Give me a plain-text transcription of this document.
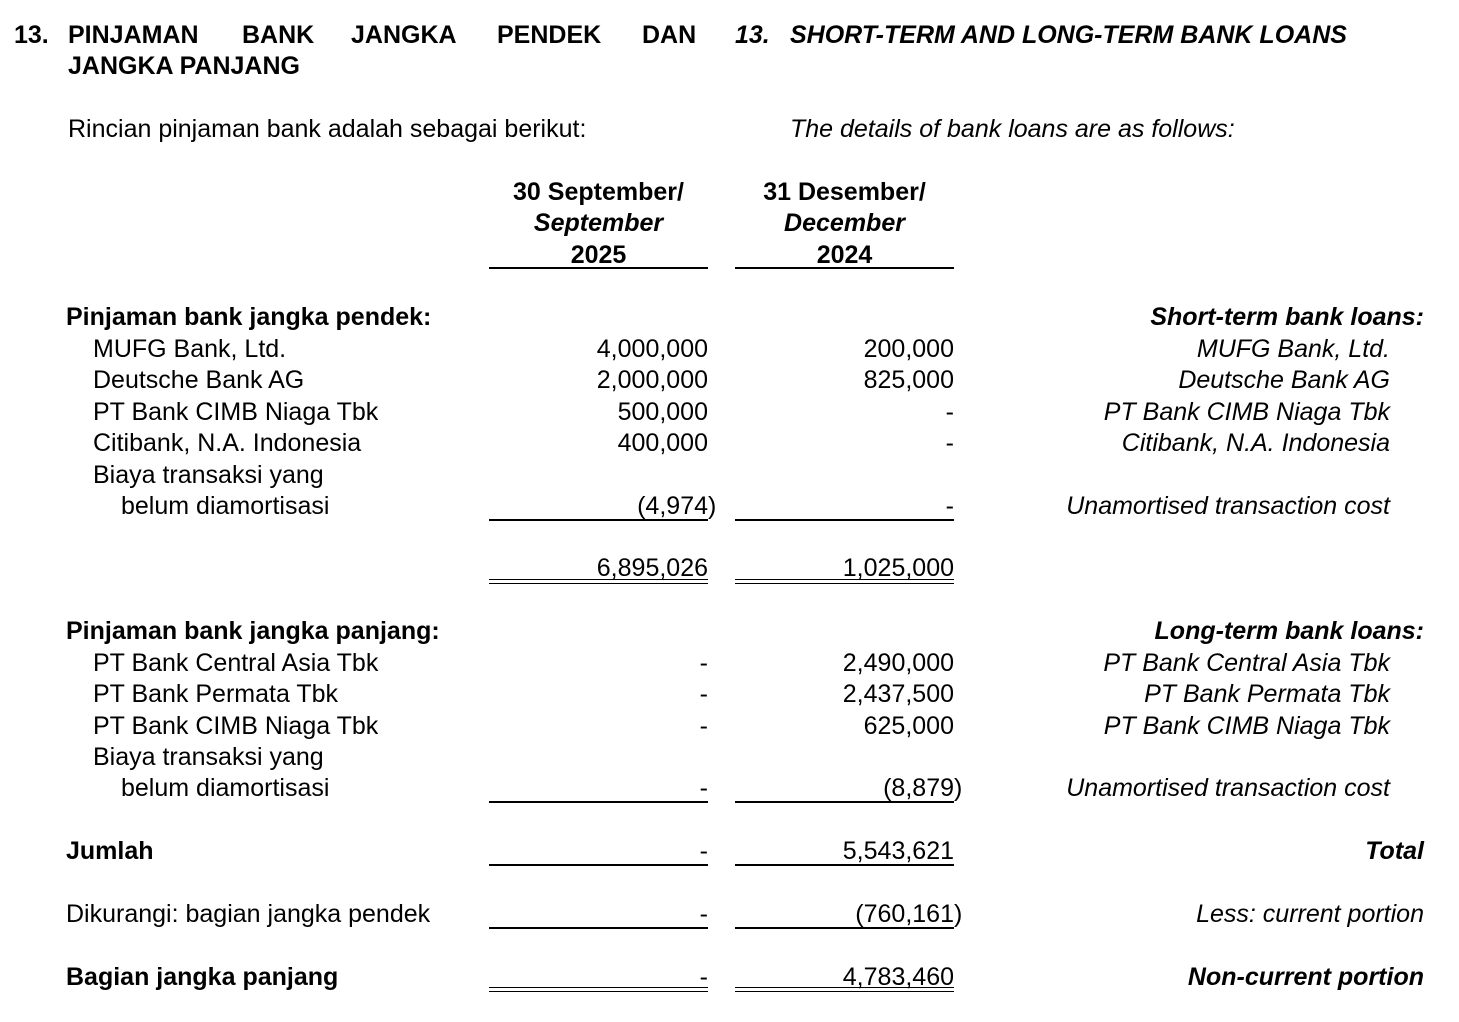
13. PINJAMAN BANK JANGKA PENDEK DAN
JANGKA PANJANG
13. SHORT-TERM AND LONG-TERM BANK LOANS
Rincian pinjaman bank adalah sebagai berikut:	The details of bank loans are as follows:
30 September/
September
2025
31 Desember/
December
2024
Pinjaman bank jangka pendek:	Short-term bank loans:
MUFG Bank, Ltd.	4,000,000	200,000	MUFG Bank, Ltd.
Deutsche Bank AG	2,000,000	825,000	Deutsche Bank AG
PT Bank CIMB Niaga Tbk	500,000	-	PT Bank CIMB Niaga Tbk
Citibank, N.A. Indonesia	400,000	-	Citibank, N.A. Indonesia
Biaya transaksi yang
belum diamortisasi	(4,974 )	-	Unamortised transaction cost
6,895,026	1,025,000
Pinjaman bank jangka panjang:	Long-term bank loans:
PT Bank Central Asia Tbk	-	2,490,000	PT Bank Central Asia Tbk
PT Bank Permata Tbk	-	2,437,500	PT Bank Permata Tbk
PT Bank CIMB Niaga Tbk	-	625,000	PT Bank CIMB Niaga Tbk
Biaya transaksi yang
belum diamortisasi	-	(8,879 )	Unamortised transaction cost
Jumlah	-	5,543,621	Total
Dikurangi: bagian jangka pendek	-	(760,161 )	Less: current portion
Bagian jangka panjang	-	4,783,460	Non-current portion
